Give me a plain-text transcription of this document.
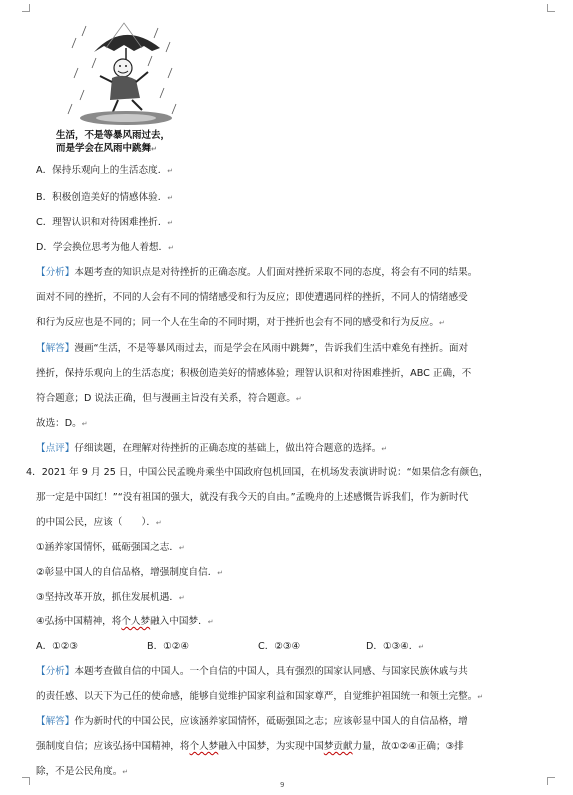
生活，不是等暴风雨过去，
而是学会在风雨中跳舞↵
A．保持乐观向上的生活态度．↵
B．积极创造美好的情感体验．↵
C．理智认识和对待困难挫折．↵
D．学会换位思考为他人着想．↵
【分析】本题考查的知识点是对待挫折的正确态度。人们面对挫折采取不同的态度，将会有不同的结果。
面对不同的挫折，不同的人会有不同的情绪感受和行为反应；即使遭遇同样的挫折，不同人的情绪感受
和行为反应也是不同的；同一个人在生命的不同时期，对于挫折也会有不同的感受和行为反应。↵
【解答】漫画“生活，不是等暴风雨过去，而是学会在风雨中跳舞”，告诉我们生活中难免有挫折。面对
挫折，保持乐观向上的生活态度；积极创造美好的情感体验；理智认识和对待困难挫折，ABC 正确，不
符合题意；D 说法正确，但与漫画主旨没有关系，符合题意。↵
故选：D。↵
【点评】仔细读题，在理解对待挫折的正确态度的基础上，做出符合题意的选择。↵
4．2021 年 9 月 25 日，中国公民孟晚舟乘坐中国政府包机回国，在机场发表演讲时说：“如果信念有颜色，
那一定是中国红！”“没有祖国的强大，就没有我今天的自由。”孟晚舟的上述感慨告诉我们，作为新时代
的中国公民，应该（　　）．↵
①涵养家国情怀，砥砺强国之志．↵
②彰显中国人的自信品格，增强制度自信．↵
③坚持改革开放，抓住发展机遇．↵
④弘扬中国精神，将个人梦融入中国梦．↵
A．①②③	B．①②④	C．②③④	D．①③④．↵
【分析】本题考查做自信的中国人。一个自信的中国人，具有强烈的国家认同感、与国家民族休戚与共
的责任感、以天下为己任的使命感，能够自觉维护国家利益和国家尊严，自觉维护祖国统一和领土完整。↵
【解答】作为新时代的中国公民，应该涵养家国情怀，砥砺强国之志；应该彰显中国人的自信品格，增
强制度自信；应该弘扬中国精神，将个人梦融入中国梦，为实现中国梦贡献力量，故①②④正确；③排
除，不是公民角度。↵
9
